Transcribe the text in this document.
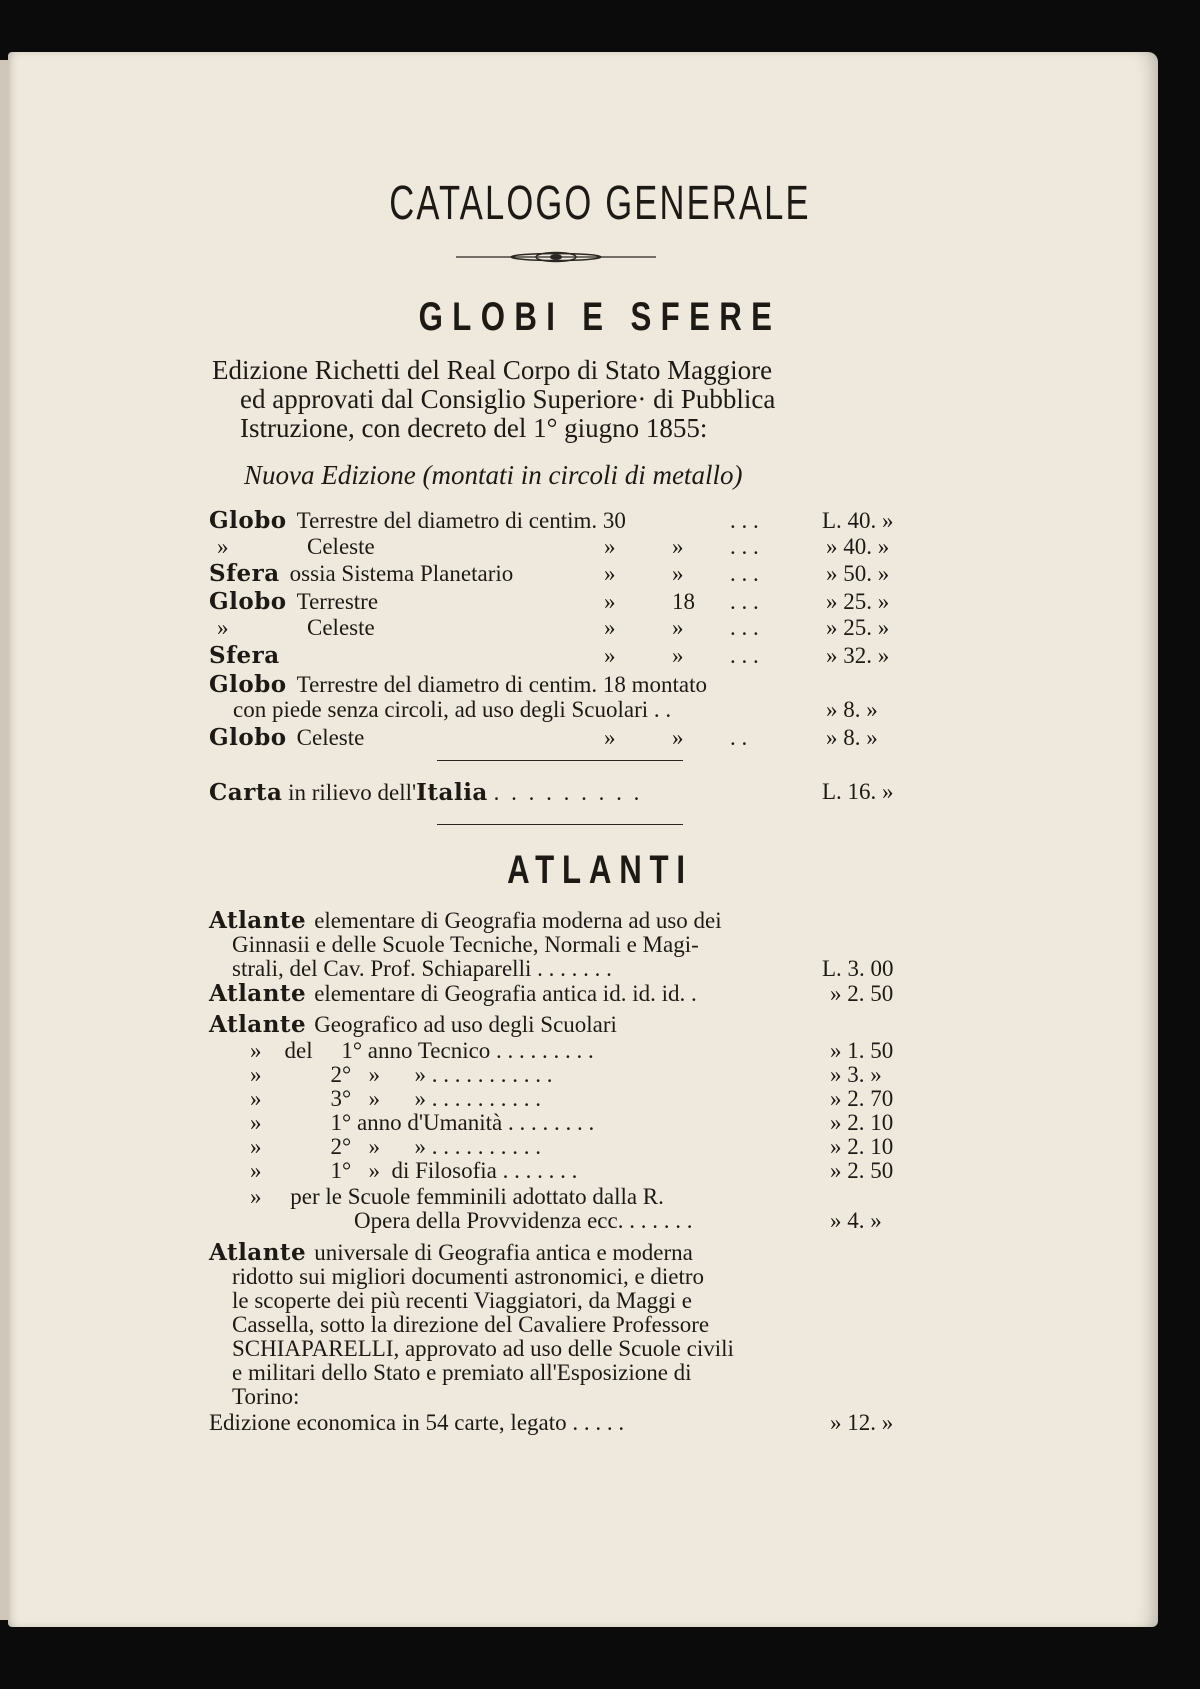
CATALOGO GENERALE
GLOBI E SFERE
Edizione Richetti del Real Corpo di Stato Maggiore
ed approvati dal Consiglio Superiore· di Pubblica
Istruzione, con decreto del 1° giugno 1855:
Nuova Edizione (montati in circoli di metallo)
Globo Terrestre del diametro di centim. 30	. . .	L. 40. »
»	Celeste	» » . . .	» 40. »
Sfera ossia Sistema Planetario	» » . . .	» 50. »
Globo Terrestre	» 18 . . .	» 25. »
»	Celeste	» » . . .	» 25. »
Sfera	» » . . .	» 32. »
Globo Terrestre del diametro di centim. 18 montato
con piede senza circoli, ad uso degli Scuolari . .	» 8. »
Globo Celeste	» » . .	» 8. »
Carta in rilievo dell'Italia . . . . . . . . .	L. 16. »
ATLANTI
Atlante elementare di Geografia moderna ad uso dei
Ginnasii e delle Scuole Tecniche, Normali e Magi-
strali, del Cav. Prof. Schiaparelli . . . . . . .	L. 3. 00
Atlante elementare di Geografia antica id. id. id. .	» 2. 50
Atlante Geografico ad uso degli Scuolari
»    del     1° anno Tecnico . . . . . . . . .	» 1. 50
»            2°   »      » . . . . . . . . . . .	» 3. »
»            3°   »      » . . . . . . . . . .	» 2. 70
»            1° anno d'Umanità . . . . . . . .	» 2. 10
»            2°   »      » . . . . . . . . . .	» 2. 10
»            1°   »  di Filosofia . . . . . . .	» 2. 50
»     per le Scuole femminili adottato dalla R.
Opera della Provvidenza ecc. . . . . . .	» 4. »
Atlante universale di Geografia antica e moderna
ridotto sui migliori documenti astronomici, e dietro
le scoperte dei più recenti Viaggiatori, da Maggi e
Cassella, sotto la direzione del Cavaliere Professore
SCHIAPARELLI, approvato ad uso delle Scuole civili
e militari dello Stato e premiato all'Esposizione di
Torino:
Edizione economica in 54 carte, legato . . . . .	» 12. »
